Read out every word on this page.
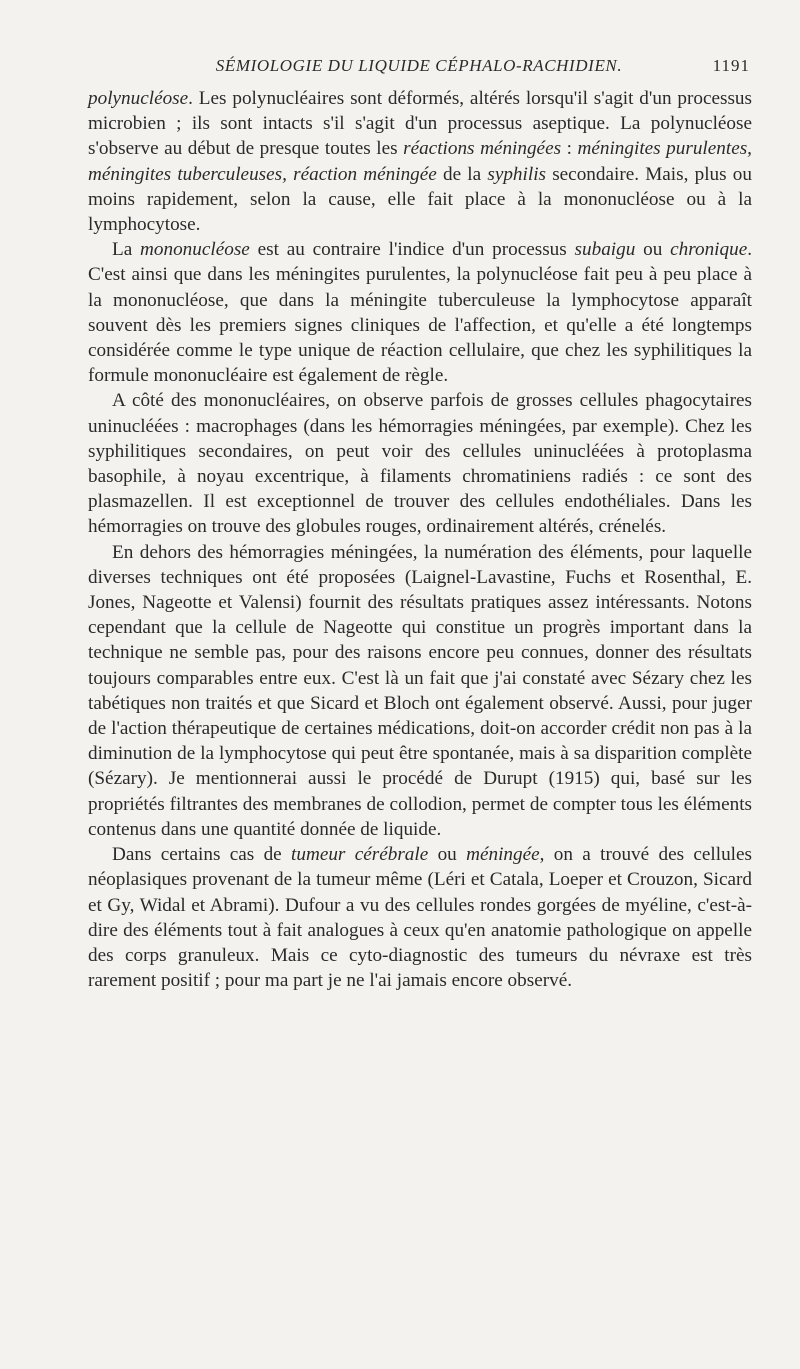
SÉMIOLOGIE DU LIQUIDE CÉPHALO-RACHIDIEN.	1191

polynucléose. Les polynucléaires sont déformés, altérés lorsqu'il s'agit d'un processus microbien ; ils sont intacts s'il s'agit d'un processus aseptique. La polynucléose s'observe au début de presque toutes les réactions méningées : méningites purulentes, méningites tuberculeuses, réaction méningée de la syphilis secondaire. Mais, plus ou moins rapidement, selon la cause, elle fait place à la mononucléose ou à la lymphocytose.

La mononucléose est au contraire l'indice d'un processus subaigu ou chronique. C'est ainsi que dans les méningites purulentes, la polynucléose fait peu à peu place à la mononucléose, que dans la méningite tuberculeuse la lymphocytose apparaît souvent dès les premiers signes cliniques de l'affection, et qu'elle a été longtemps considérée comme le type unique de réaction cellulaire, que chez les syphilitiques la formule mononucléaire est également de règle.

A côté des mononucléaires, on observe parfois de grosses cellules phagocytaires uninucléées : macrophages (dans les hémorragies méningées, par exemple). Chez les syphilitiques secondaires, on peut voir des cellules uninucléées à protoplasma basophile, à noyau excentrique, à filaments chromatiniens radiés : ce sont des plasmazellen. Il est exceptionnel de trouver des cellules endothéliales. Dans les hémorragies on trouve des globules rouges, ordinairement altérés, crénelés.

En dehors des hémorragies méningées, la numération des éléments, pour laquelle diverses techniques ont été proposées (Laignel-Lavastine, Fuchs et Rosenthal, E. Jones, Nageotte et Valensi) fournit des résultats pratiques assez intéressants. Notons cependant que la cellule de Nageotte qui constitue un progrès important dans la technique ne semble pas, pour des raisons encore peu connues, donner des résultats toujours comparables entre eux. C'est là un fait que j'ai constaté avec Sézary chez les tabétiques non traités et que Sicard et Bloch ont également observé. Aussi, pour juger de l'action thérapeutique de certaines médications, doit-on accorder crédit non pas à la diminution de la lymphocytose qui peut être spontanée, mais à sa disparition complète (Sézary). Je mentionnerai aussi le procédé de Durupt (1915) qui, basé sur les propriétés filtrantes des membranes de collodion, permet de compter tous les éléments contenus dans une quantité donnée de liquide.

Dans certains cas de tumeur cérébrale ou méningée, on a trouvé des cellules néoplasiques provenant de la tumeur même (Léri et Catala, Loeper et Crouzon, Sicard et Gy, Widal et Abrami). Dufour a vu des cellules rondes gorgées de myéline, c'est-à-dire des éléments tout à fait analogues à ceux qu'en anatomie pathologique on appelle des corps granuleux. Mais ce cyto-diagnostic des tumeurs du névraxe est très rarement positif ; pour ma part je ne l'ai jamais encore observé.
